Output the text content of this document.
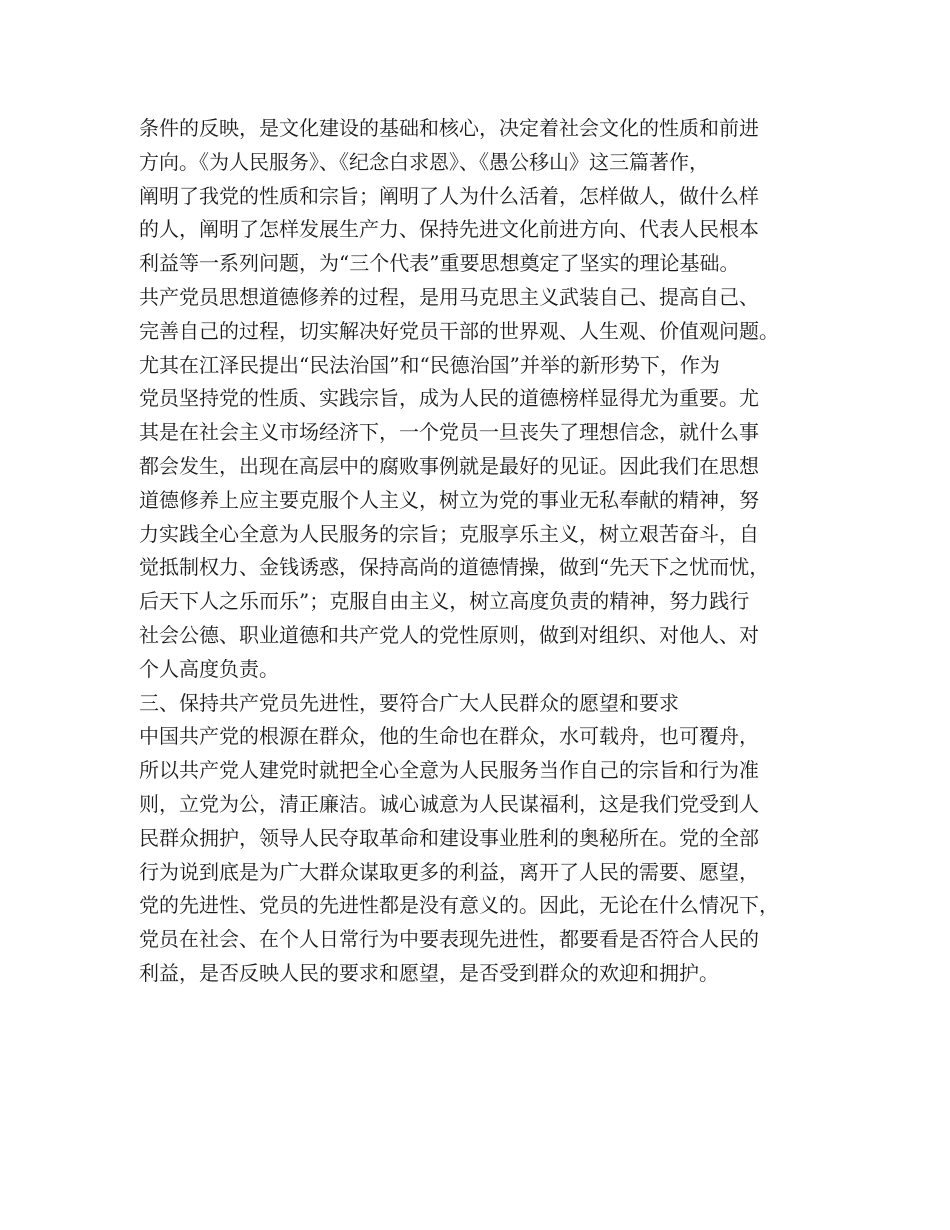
条件的反映，是文化建设的基础和核心，决定着社会文化的性质和前进
方向。《为人民服务》、《纪念白求恩》、《愚公移山》这三篇著作，
阐明了我党的性质和宗旨；阐明了人为什么活着，怎样做人，做什么样
的人，阐明了怎样发展生产力、保持先进文化前进方向、代表人民根本
利益等一系列问题，为“三个代表”重要思想奠定了坚实的理论基础。
共产党员思想道德修养的过程，是用马克思主义武装自己、提高自己、
完善自己的过程，切实解决好党员干部的世界观、人生观、价值观问题。
尤其在江泽民提出“民法治国”和“民德治国”并举的新形势下，作为
党员坚持党的性质、实践宗旨，成为人民的道德榜样显得尤为重要。尤
其是在社会主义市场经济下，一个党员一旦丧失了理想信念，就什么事
都会发生，出现在高层中的腐败事例就是最好的见证。因此我们在思想
道德修养上应主要克服个人主义，树立为党的事业无私奉献的精神，努
力实践全心全意为人民服务的宗旨；克服享乐主义，树立艰苦奋斗，自
觉抵制权力、金钱诱惑，保持高尚的道德情操，做到“先天下之忧而忧，
后天下人之乐而乐”；克服自由主义，树立高度负责的精神，努力践行
社会公德、职业道德和共产党人的党性原则，做到对组织、对他人、对
个人高度负责。
三、保持共产党员先进性，要符合广大人民群众的愿望和要求
中国共产党的根源在群众，他的生命也在群众，水可载舟，也可覆舟，
所以共产党人建党时就把全心全意为人民服务当作自己的宗旨和行为准
则，立党为公，清正廉洁。诚心诚意为人民谋福利，这是我们党受到人
民群众拥护，领导人民夺取革命和建设事业胜利的奥秘所在。党的全部
行为说到底是为广大群众谋取更多的利益，离开了人民的需要、愿望，
党的先进性、党员的先进性都是没有意义的。因此，无论在什么情况下，
党员在社会、在个人日常行为中要表现先进性，都要看是否符合人民的
利益，是否反映人民的要求和愿望，是否受到群众的欢迎和拥护。
